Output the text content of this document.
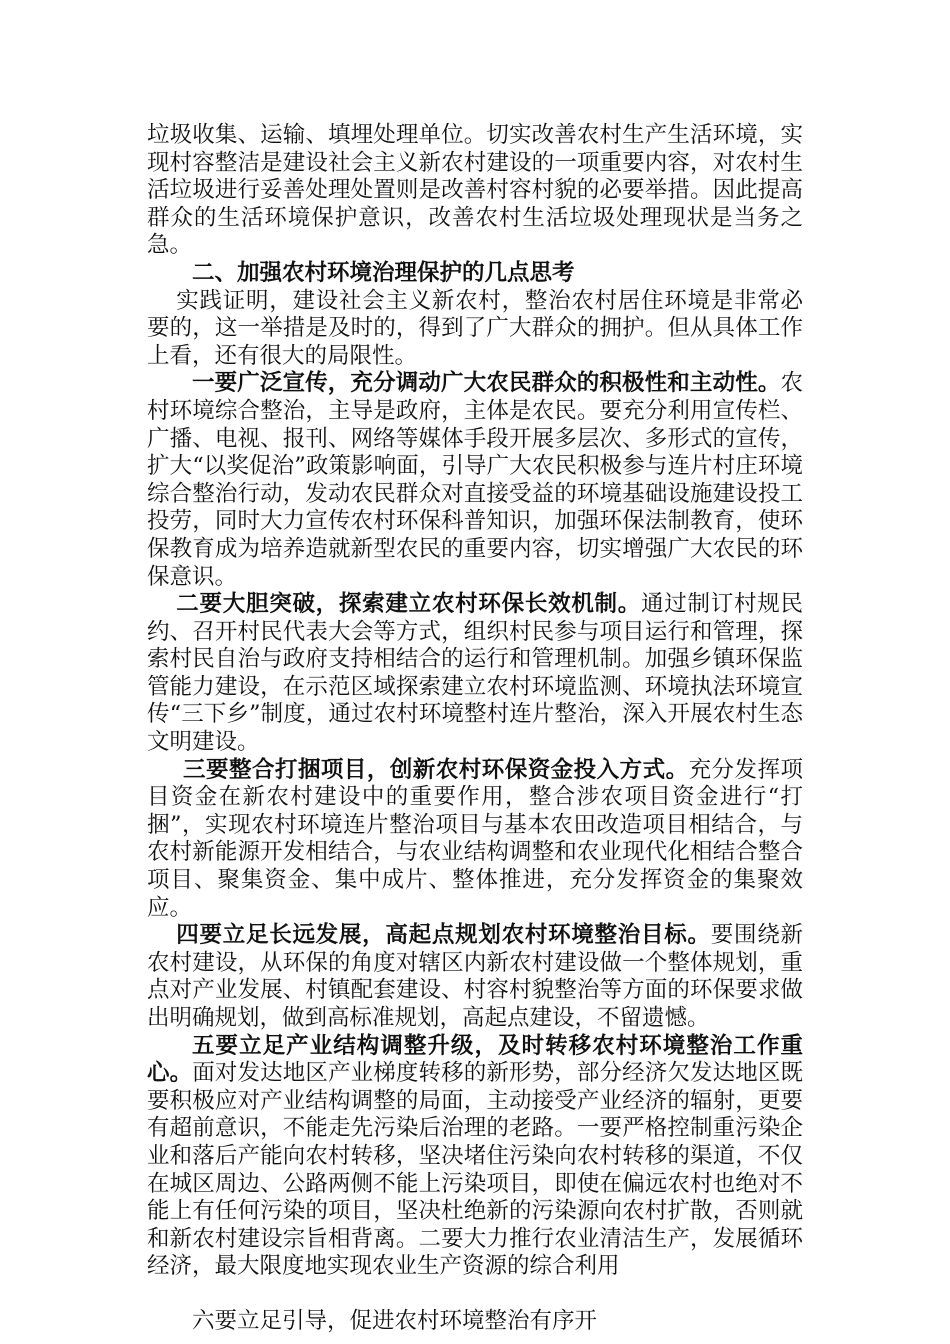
垃圾收集、运输、填埋处理单位。切实改善农村生产生活环境，实现村容整洁是建设社会主义新农村建设的一项重要内容，对农村生活垃圾进行妥善处理处置则是改善村容村貌的必要举措。因此提高群众的生活环境保护意识，改善农村生活垃圾处理现状是当务之急。

二、加强农村环境治理保护的几点思考

实践证明，建设社会主义新农村，整治农村居住环境是非常必要的，这一举措是及时的，得到了广大群众的拥护。但从具体工作上看，还有很大的局限性。

一要广泛宣传，充分调动广大农民群众的积极性和主动性。农村环境综合整治，主导是政府，主体是农民。要充分利用宣传栏、广播、电视、报刊、网络等媒体手段开展多层次、多形式的宣传，扩大“以奖促治”政策影响面，引导广大农民积极参与连片村庄环境综合整治行动，发动农民群众对直接受益的环境基础设施建设投工投劳，同时大力宣传农村环保科普知识，加强环保法制教育，使环保教育成为培养造就新型农民的重要内容，切实增强广大农民的环保意识。

二要大胆突破，探索建立农村环保长效机制。通过制订村规民约、召开村民代表大会等方式，组织村民参与项目运行和管理，探索村民自治与政府支持相结合的运行和管理机制。加强乡镇环保监管能力建设，在示范区域探索建立农村环境监测、环境执法环境宣传“三下乡”制度，通过农村环境整村连片整治，深入开展农村生态文明建设。

三要整合打捆项目，创新农村环保资金投入方式。充分发挥项目资金在新农村建设中的重要作用，整合涉农项目资金进行“打捆”，实现农村环境连片整治项目与基本农田改造项目相结合，与农村新能源开发相结合，与农业结构调整和农业现代化相结合整合项目、聚集资金、集中成片、整体推进，充分发挥资金的集聚效应。

四要立足长远发展，高起点规划农村环境整治目标。要围绕新农村建设，从环保的角度对辖区内新农村建设做一个整体规划，重点对产业发展、村镇配套建设、村容村貌整治等方面的环保要求做出明确规划，做到高标准规划，高起点建设，不留遗憾。

五要立足产业结构调整升级，及时转移农村环境整治工作重心。面对发达地区产业梯度转移的新形势，部分经济欠发达地区既要积极应对产业结构调整的局面，主动接受产业经济的辐射，更要有超前意识，不能走先污染后治理的老路。一要严格控制重污染企业和落后产能向农村转移，坚决堵住污染向农村转移的渠道，不仅在城区周边、公路两侧不能上污染项目，即使在偏远农村也绝对不能上有任何污染的项目，坚决杜绝新的污染源向农村扩散，否则就和新农村建设宗旨相背离。二要大力推行农业清洁生产，发展循环经济，最大限度地实现农业生产资源的综合利用

六要立足引导，促进农村环境整治有序开
